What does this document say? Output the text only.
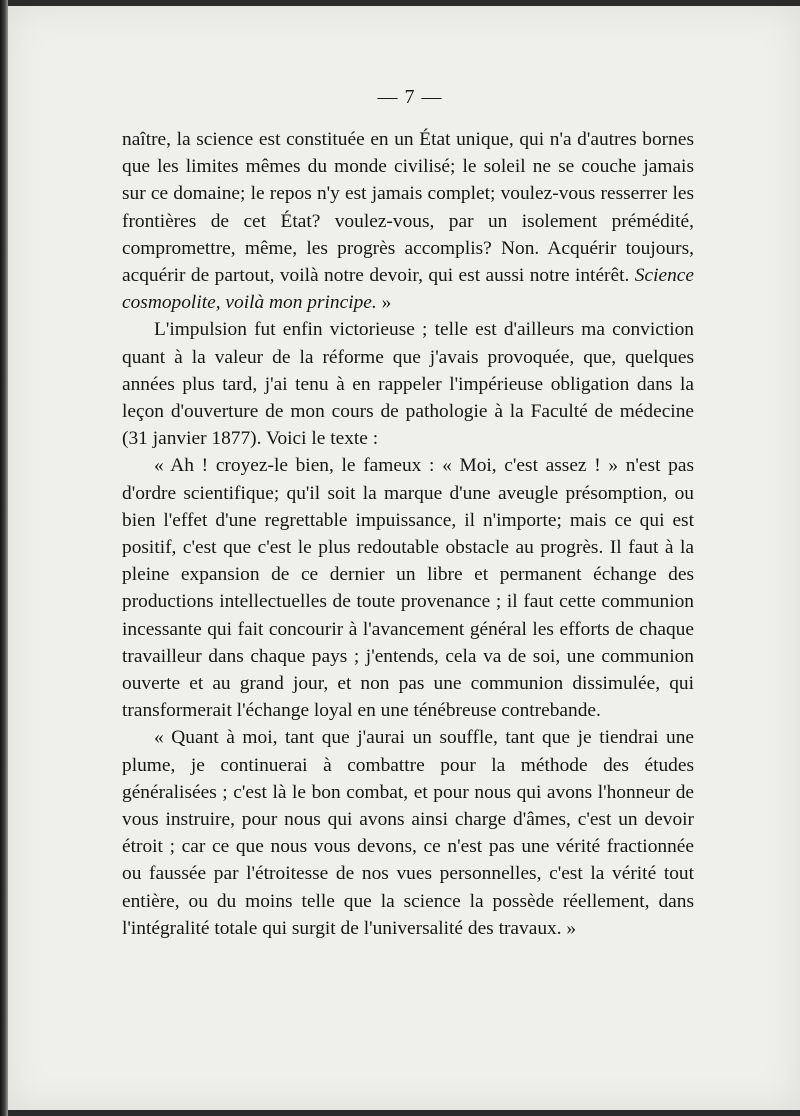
— 7 —

naître, la science est constituée en un État unique, qui n'a d'autres bornes que les limites mêmes du monde civilisé; le soleil ne se couche jamais sur ce domaine; le repos n'y est jamais complet; voulez-vous resserrer les frontières de cet État? voulez-vous, par un isolement prémédité, compromettre, même, les progrès accomplis? Non. Acquérir toujours, acquérir de partout, voilà notre devoir, qui est aussi notre intérêt. Science cosmopolite, voilà mon principe. »

L'impulsion fut enfin victorieuse ; telle est d'ailleurs ma conviction quant à la valeur de la réforme que j'avais provoquée, que, quelques années plus tard, j'ai tenu à en rappeler l'impérieuse obligation dans la leçon d'ouverture de mon cours de pathologie à la Faculté de médecine (31 janvier 1877). Voici le texte :

« Ah ! croyez-le bien, le fameux : « Moi, c'est assez ! » n'est pas d'ordre scientifique; qu'il soit la marque d'une aveugle présomption, ou bien l'effet d'une regrettable impuissance, il n'importe; mais ce qui est positif, c'est que c'est le plus redoutable obstacle au progrès. Il faut à la pleine expansion de ce dernier un libre et permanent échange des productions intellectuelles de toute provenance ; il faut cette communion incessante qui fait concourir à l'avancement général les efforts de chaque travailleur dans chaque pays ; j'entends, cela va de soi, une communion ouverte et au grand jour, et non pas une communion dissimulée, qui transformerait l'échange loyal en une ténébreuse contrebande.

« Quant à moi, tant que j'aurai un souffle, tant que je tiendrai une plume, je continuerai à combattre pour la méthode des études généralisées ; c'est là le bon combat, et pour nous qui avons l'honneur de vous instruire, pour nous qui avons ainsi charge d'âmes, c'est un devoir étroit ; car ce que nous vous devons, ce n'est pas une vérité fractionnée ou faussée par l'étroitesse de nos vues personnelles, c'est la vérité tout entière, ou du moins telle que la science la possède réellement, dans l'intégralité totale qui surgit de l'universalité des travaux. »
